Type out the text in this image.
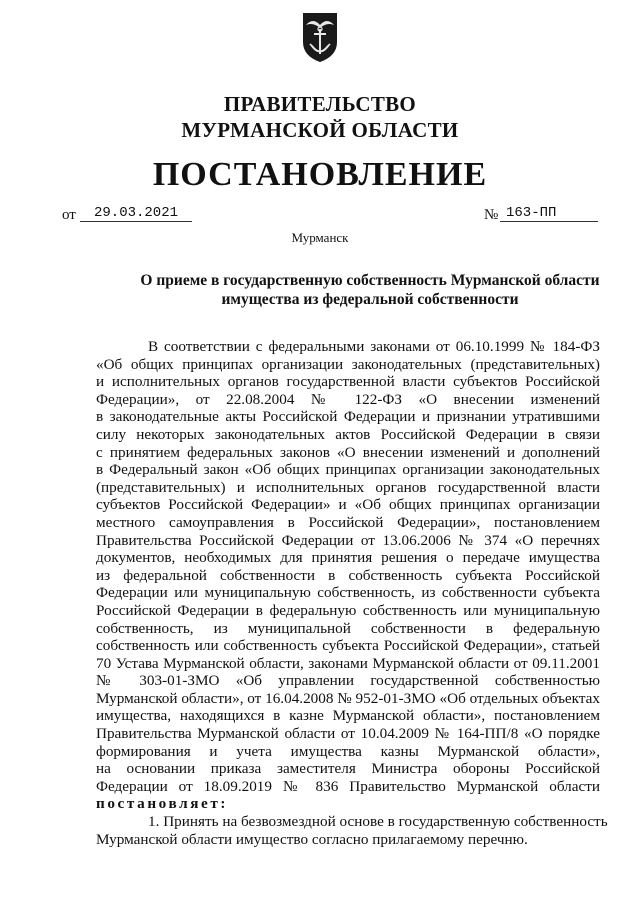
ПРАВИТЕЛЬСТВО
МУРМАНСКОЙ ОБЛАСТИ
ПОСТАНОВЛЕНИЕ
от	29.03.2021	№ 163-ПП
Мурманск
О приеме в государственную собственность Мурманской области
имущества из федеральной собственности
В соответствии с федеральными законами от 06.10.1999 № 184-ФЗ
«Об общих принципах организации законодательных (представительных)
и исполнительных органов государственной власти субъектов Российской
Федерации», от 22.08.2004 № 122-ФЗ «О внесении изменений
в законодательные акты Российской Федерации и признании утратившими
силу некоторых законодательных актов Российской Федерации в связи
с принятием федеральных законов «О внесении изменений и дополнений
в Федеральный закон «Об общих принципах организации законодательных
(представительных) и исполнительных органов государственной власти
субъектов Российской Федерации» и «Об общих принципах организации
местного самоуправления в Российской Федерации», постановлением
Правительства Российской Федерации от 13.06.2006 № 374 «О перечнях
документов, необходимых для принятия решения о передаче имущества
из федеральной собственности в собственность субъекта Российской
Федерации или муниципальную собственность, из собственности субъекта
Российской Федерации в федеральную собственность или муниципальную
собственность, из муниципальной собственности в федеральную
собственность или собственность субъекта Российской Федерации», статьей
70 Устава Мурманской области, законами Мурманской области от 09.11.2001
№ 303-01-ЗМО «Об управлении государственной собственностью
Мурманской области», от 16.04.2008 № 952-01-ЗМО «Об отдельных объектах
имущества, находящихся в казне Мурманской области», постановлением
Правительства Мурманской области от 10.04.2009 № 164-ПП/8 «О порядке
формирования и учета имущества казны Мурманской области»,
на основании приказа заместителя Министра обороны Российской
Федерации от 18.09.2019 № 836 Правительство Мурманской области
постановляет:
1. Принять на безвозмездной основе в государственную собственность
Мурманской области имущество согласно прилагаемому перечню.
